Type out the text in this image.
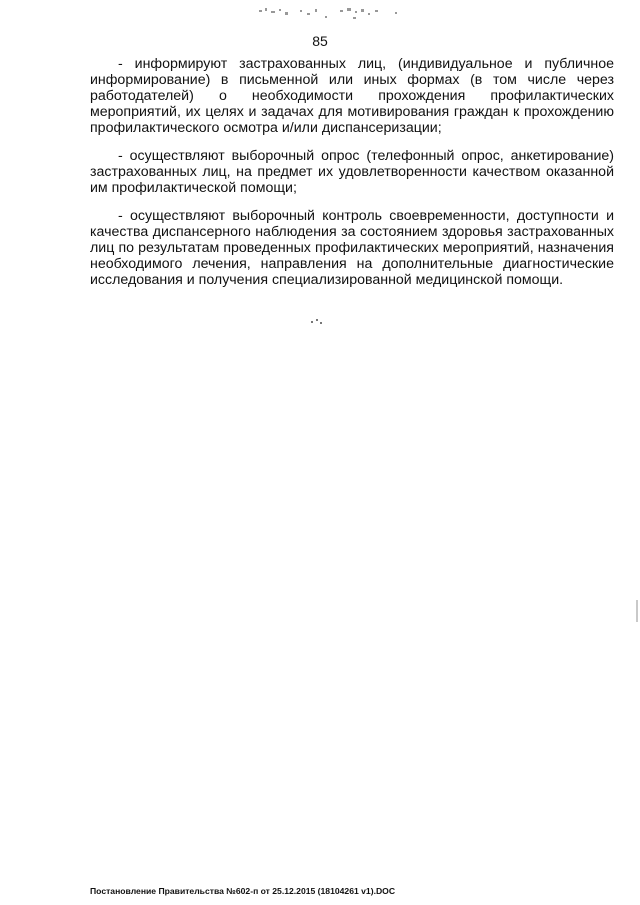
85

- информируют застрахованных лиц, (индивидуальное и публичное информирование) в письменной или иных формах (в том числе через работодателей) о необходимости прохождения профилактических мероприятий, их целях и задачах для мотивирования граждан к прохождению профилактического осмотра и/или диспансеризации;

- осуществляют выборочный опрос (телефонный опрос, анкетирование) застрахованных лиц, на предмет их удовлетворенности качеством оказанной им профилактической помощи;

- осуществляют выборочный контроль своевременности, доступности и качества диспансерного наблюдения за состоянием здоровья застрахованных лиц по результатам проведенных профилактических мероприятий, назначения необходимого лечения, направления на дополнительные диагностические исследования и получения специализированной медицинской помощи.

Постановление Правительства №602-п от 25.12.2015 (18104261 v1).DOC
